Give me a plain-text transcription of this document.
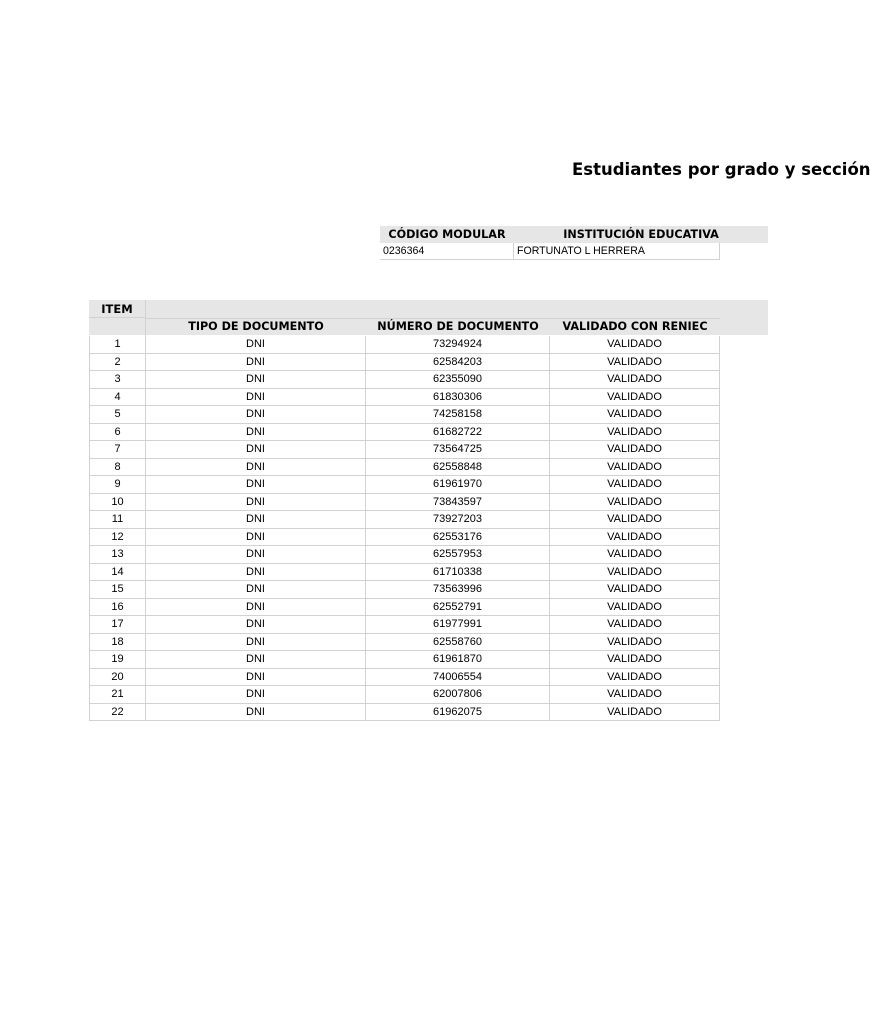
Estudiantes por grado y sección
CÓDIGO MODULAR	INSTITUCIÓN EDUCATIVA
0236364	FORTUNATO L HERRERA
ITEM
TIPO DE DOCUMENTO	NÚMERO DE DOCUMENTO	VALIDADO CON RENIEC
1	DNI	73294924	VALIDADO
2	DNI	62584203	VALIDADO
3	DNI	62355090	VALIDADO
4	DNI	61830306	VALIDADO
5	DNI	74258158	VALIDADO
6	DNI	61682722	VALIDADO
7	DNI	73564725	VALIDADO
8	DNI	62558848	VALIDADO
9	DNI	61961970	VALIDADO
10	DNI	73843597	VALIDADO
11	DNI	73927203	VALIDADO
12	DNI	62553176	VALIDADO
13	DNI	62557953	VALIDADO
14	DNI	61710338	VALIDADO
15	DNI	73563996	VALIDADO
16	DNI	62552791	VALIDADO
17	DNI	61977991	VALIDADO
18	DNI	62558760	VALIDADO
19	DNI	61961870	VALIDADO
20	DNI	74006554	VALIDADO
21	DNI	62007806	VALIDADO
22	DNI	61962075	VALIDADO
